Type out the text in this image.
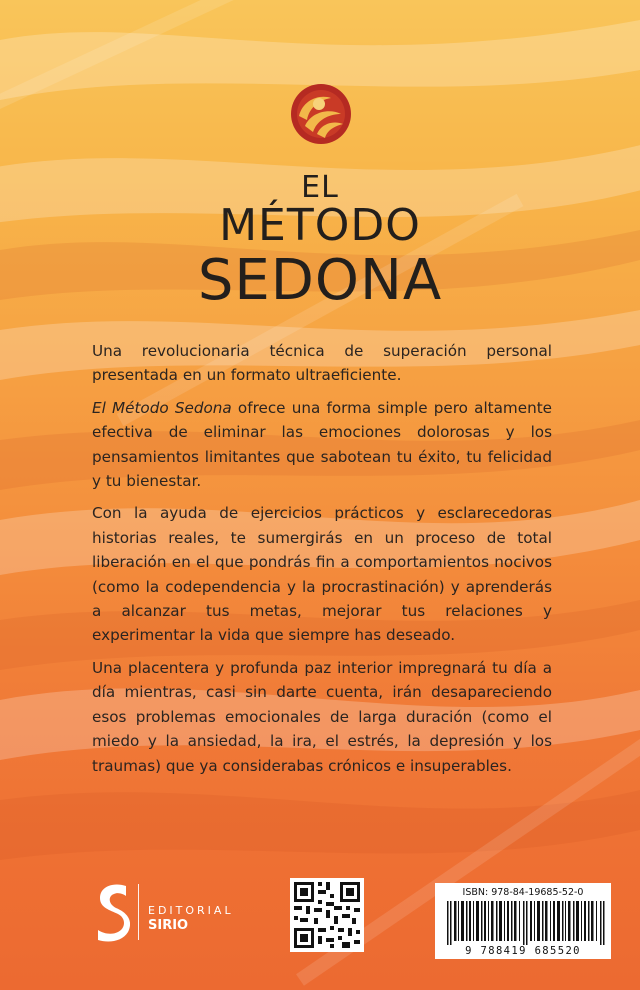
EL
MÉTODO
SEDONA

Una revolucionaria técnica de superación personal presentada en un formato ultraeficiente.

El Método Sedona ofrece una forma simple pero altamente efectiva de eliminar las emociones dolorosas y los pensamientos limitantes que sabotean tu éxito, tu felicidad y tu bienestar.

Con la ayuda de ejercicios prácticos y esclarecedoras historias reales, te sumergirás en un proceso de total liberación en el que pondrás fin a comportamientos nocivos (como la codependencia y la procrastinación) y aprenderás a alcanzar tus metas, mejorar tus relaciones y experimentar la vida que siempre has deseado.

Una placentera y profunda paz interior impregnará tu día a día mientras, casi sin darte cuenta, irán desapareciendo esos problemas emocionales de larga duración (como el miedo y la ansiedad, la ira, el estrés, la depresión y los traumas) que ya considerabas crónicos e insuperables.

EDITORIAL
SIRIO
ISBN: 978-84-19685-52-0
9 788419 685520
